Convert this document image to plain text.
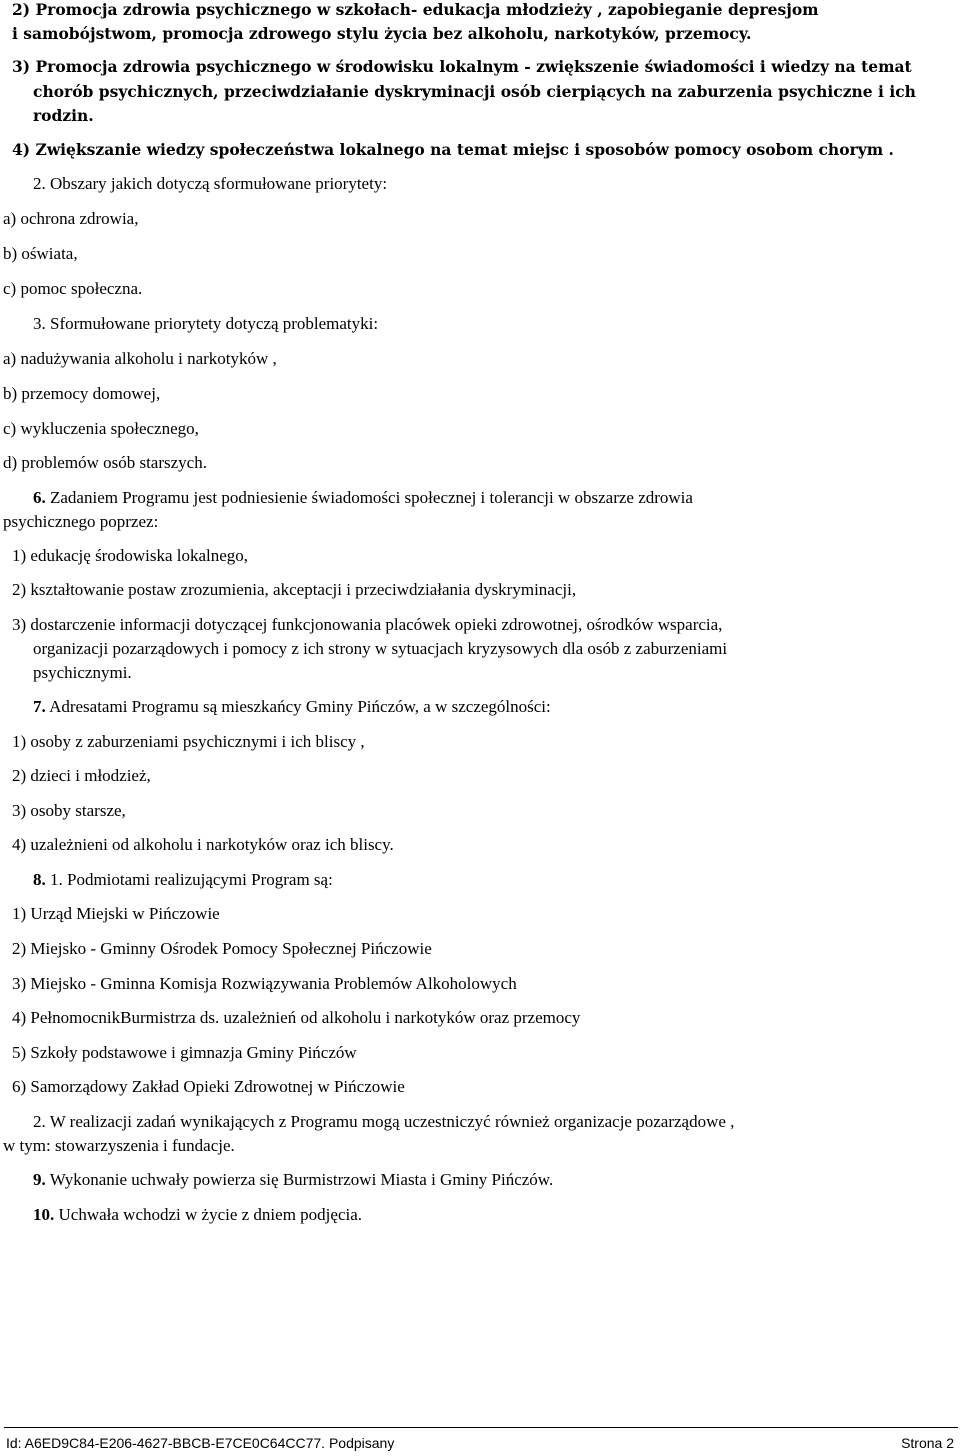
2) Promocja zdrowia psychicznego w szkołach- edukacja młodzieży , zapobieganie depresjom
i samobójstwom, promocja zdrowego stylu życia bez alkoholu, narkotyków, przemocy.
3) Promocja zdrowia psychicznego w środowisku lokalnym - zwiększenie świadomości i wiedzy na temat
chorób psychicznych, przeciwdziałanie dyskryminacji osób cierpiących na zaburzenia psychiczne i ich
rodzin.
4) Zwiększanie wiedzy społeczeństwa lokalnego na temat miejsc i sposobów pomocy osobom chorym .
2. Obszary jakich dotyczą sformułowane priorytety:
a) ochrona zdrowia,
b) oświata,
c) pomoc społeczna.
3. Sformułowane priorytety dotyczą problematyki:
a) nadużywania alkoholu i narkotyków ,
b) przemocy domowej,
c) wykluczenia społecznego,
d) problemów osób starszych.
6. Zadaniem Programu jest podniesienie świadomości społecznej i tolerancji w obszarze zdrowia
psychicznego poprzez:
1) edukację środowiska lokalnego,
2) kształtowanie postaw zrozumienia, akceptacji i przeciwdziałania dyskryminacji,
3) dostarczenie informacji dotyczącej funkcjonowania placówek opieki zdrowotnej, ośrodków wsparcia,
organizacji pozarządowych i pomocy z ich strony w sytuacjach kryzysowych dla osób z zaburzeniami
psychicznymi.
7. Adresatami Programu są mieszkańcy Gminy Pińczów, a w szczególności:
1) osoby z zaburzeniami psychicznymi i ich bliscy ,
2) dzieci i młodzież,
3) osoby starsze,
4) uzależnieni od alkoholu i narkotyków oraz ich bliscy.
8. 1. Podmiotami realizującymi Program są:
1) Urząd Miejski w Pińczowie
2) Miejsko - Gminny Ośrodek Pomocy Społecznej Pińczowie
3) Miejsko - Gminna Komisja Rozwiązywania Problemów Alkoholowych
4) PełnomocnikBurmistrza ds. uzależnień od alkoholu i narkotyków oraz przemocy
5) Szkoły podstawowe i gimnazja Gminy Pińczów
6) Samorządowy Zakład Opieki Zdrowotnej w Pińczowie
2. W realizacji zadań wynikających z Programu mogą uczestniczyć również organizacje pozarządowe ,
w tym: stowarzyszenia i fundacje.
9. Wykonanie uchwały powierza się Burmistrzowi Miasta i Gminy Pińczów.
10. Uchwała wchodzi w życie z dniem podjęcia.
Id: A6ED9C84-E206-4627-BBCB-E7CE0C64CC77. Podpisany	Strona 2
